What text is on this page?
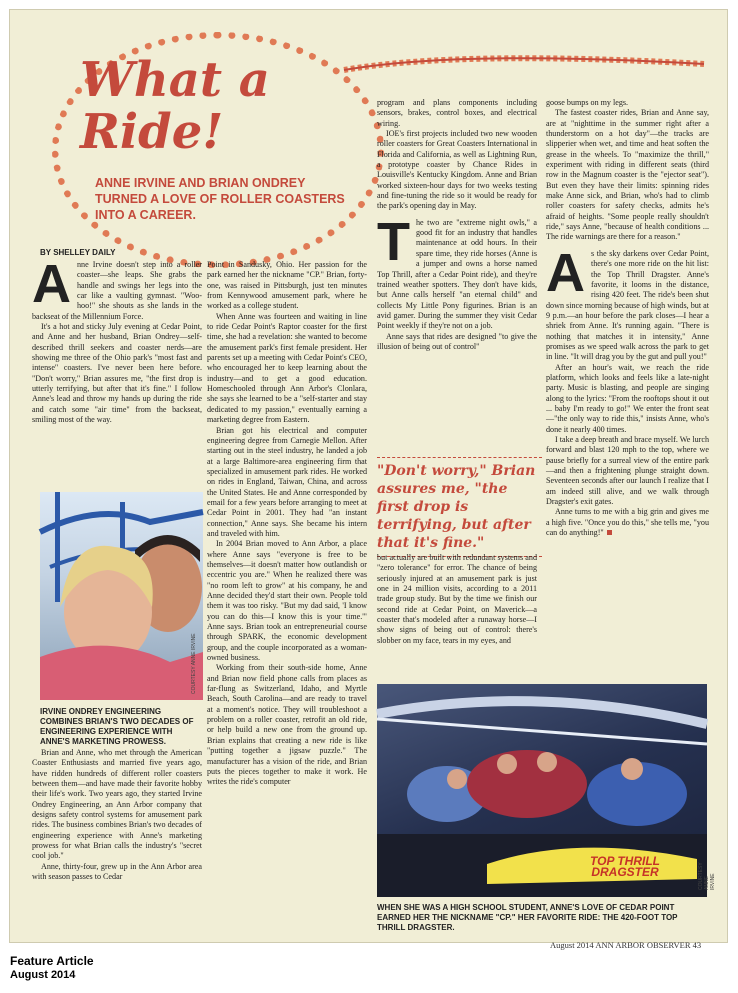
What a Ride!
ANNE IRVINE AND BRIAN ONDREY TURNED A LOVE OF ROLLER COASTERS INTO A CAREER.
BY SHELLEY DAILY

Anne Irvine doesn't step into a roller coaster—she leaps. She grabs the handle and swings her legs into the car like a vaulting gymnast. "Woo-hoo!" she shouts as she lands in the backseat of the Millennium Force.

It's a hot and sticky July evening at Cedar Point, and Anne and her husband, Brian Ondrey—self-described thrill seekers and coaster nerds—are showing me three of the Ohio park's "most fast and intense" coasters. I've never been here before. "Don't worry," Brian assures me, "the first drop is utterly terrifying, but after that it's fine." I follow Anne's lead and throw my hands up during the ride and catch some "air time" from the backseat, smiling most of the way.

COURTESY ANNE IRVINE
IRVINE ONDREY ENGINEERING COMBINES BRIAN'S TWO DECADES OF ENGINEERING EXPERIENCE WITH ANNE'S MARKETING PROWESS.

Brian and Anne, who met through the American Coaster Enthusiasts and married five years ago, have ridden hundreds of different roller coasters between them—and have made their favorite hobby their life's work. Two years ago, they started Irvine Ondrey Engineering, an Ann Arbor company that designs safety control systems for amusement park rides. The business combines Brian's two decades of engineering experience with Anne's marketing prowess for what Brian calls the industry's "secret cool job."

Anne, thirty-four, grew up in the Ann Arbor area with season passes to Cedar

Point in Sandusky, Ohio. Her passion for the park earned her the nickname "CP." Brian, forty-one, was raised in Pittsburgh, just ten minutes from Kennywood amusement park, where he worked as a college student.

When Anne was fourteen and waiting in line to ride Cedar Point's Raptor coaster for the first time, she had a revelation: she wanted to become the amusement park's first female president. Her parents set up a meeting with Cedar Point's CEO, who encouraged her to keep learning about the industry—and to get a good education. Homeschooled through Ann Arbor's Clonlara, she says she learned to be a "self-starter and stay dedicated to my passion," eventually earning a marketing degree from Eastern.

Brian got his electrical and computer engineering degree from Carnegie Mellon. After starting out in the steel industry, he landed a job at a large Baltimore-area engineering firm that specialized in amusement park rides. He worked on rides in England, Taiwan, China, and across the United States. He and Anne corresponded by email for a few years before arranging to meet at Cedar Point in 2001. They had "an instant connection," Anne says. She became his intern and traveled with him.

In 2004 Brian moved to Ann Arbor, a place where Anne says "everyone is free to be themselves—it doesn't matter how outlandish or eccentric you are." When he realized there was "no room left to grow" at his company, he and Anne decided they'd start their own. People told them it was too risky. "But my dad said, 'I know you can do this—I know this is your time.'" Anne says. Brian took an entrepreneurial course through SPARK, the economic development group, and the couple incorporated as a woman-owned business.

Working from their south-side home, Anne and Brian now field phone calls from places as far-flung as Switzerland, Idaho, and Myrtle Beach, South Carolina—and are ready to travel at a moment's notice. They will troubleshoot a problem on a roller coaster, retrofit an old ride, or help build a new one from the ground up. Brian explains that creating a new ride is like "putting together a jigsaw puzzle." The manufacturer has a vision of the ride, and Brian puts the pieces together to make it work. He writes the ride's computer

program and plans components including sensors, brakes, control boxes, and electrical wiring.

IOE's first projects included two new wooden roller coasters for Great Coasters International in Florida and California, as well as Lightning Run, a prototype coaster by Chance Rides in Louisville's Kentucky Kingdom. Anne and Brian worked sixteen-hour days for two weeks testing and fine-tuning the ride so it would be ready for the park's opening day in May.

The two are "extreme night owls," a good fit for an industry that handles maintenance at odd hours. In their spare time, they ride horses (Anne is a jumper and owns a horse named Top Thrill, after a Cedar Point ride), and they're trained weather spotters. They don't have kids, but Anne calls herself "an eternal child" and collects My Little Pony figurines. Brian is an avid gamer. During the summer they visit Cedar Point weekly if they're not on a job.

Anne says that rides are designed "to give the illusion of being out of control"

"Don't worry," Brian assures me, "the first drop is terrifying, but after that it's fine."

but actually are built with redundant systems and "zero tolerance" for error. The chance of being seriously injured at an amusement park is just one in 24 million visits, according to a 2011 trade group study. But by the time we finish our second ride at Cedar Point, on Maverick—a coaster that's modeled after a runaway horse—I show signs of being out of control: there's slobber on my face, tears in my eyes, and

goose bumps on my legs.

The fastest coaster rides, Brian and Anne say, are at "nighttime in the summer right after a thunderstorm on a hot day"—the tracks are slipperier when wet, and time and heat soften the grease in the wheels. To "maximize the thrill," experiment with riding in different seats (third row in the Magnum coaster is the "ejector seat"). But even they have their limits: spinning rides make Anne sick, and Brian, who's had to climb roller coasters for safety checks, admits he's afraid of heights. "Some people really shouldn't ride," says Anne, "because of health conditions ... The ride warnings are there for a reason."

As the sky darkens over Cedar Point, there's one more ride on the hit list: the Top Thrill Dragster. Anne's favorite, it looms in the distance, rising 420 feet. The ride's been shut down since morning because of high winds, but at 9 p.m.—an hour before the park closes—I hear a shriek from Anne. It's running again. "There is nothing that matches it in intensity," Anne promises as we speed walk across the park to get in line. "It will drag you by the gut and pull you!"

After an hour's wait, we reach the ride platform, which looks and feels like a late-night party. Music is blasting, and people are singing along to the lyrics: "From the rooftops shout it out ... baby I'm ready to go!" We enter the front seat—"the only way to ride this," insists Anne, who's done it nearly 400 times.

I take a deep breath and brace myself. We lurch forward and blast 120 mph to the top, where we pause briefly for a surreal view of the entire park—and then a frightening plunge straight down. Seventeen seconds after our launch I realize that I am indeed still alive, and we walk through Dragster's exit gates.

Anne turns to me with a big grin and gives me a high five. "Once you do this," she tells me, "you can do anything!"

TOP THRILL DRAGSTER	COURTESY ANNE IRVINE
WHEN SHE WAS A HIGH SCHOOL STUDENT, ANNE'S LOVE OF CEDAR POINT EARNED HER THE NICKNAME "CP." HER FAVORITE RIDE: THE 420-FOOT TOP THRILL DRAGSTER.
August 2014 ANN ARBOR OBSERVER 43
Feature Article
August 2014
